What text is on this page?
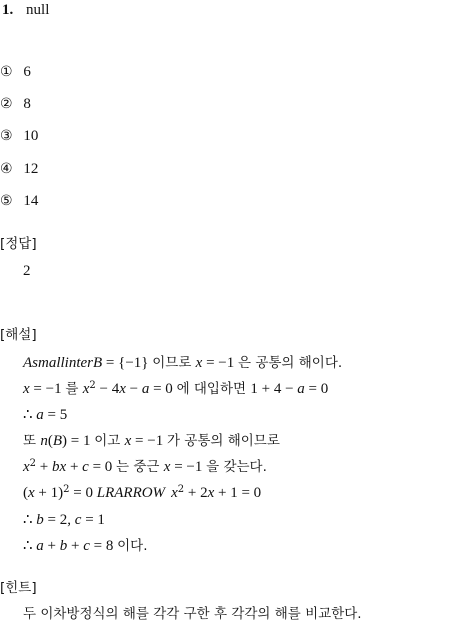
1. null
① 6
② 8
③ 10
④ 12
⑤ 14
[정답]
2
[해설]
AsmallinterB = {−1} 이므로 x = −1 은 공통의 해이다.
x = −1 를 $x^2 - 4x - a = 0$ 에 대입하면 1 + 4 − a = 0
∴ a = 5
또 n(B) = 1 이고 x = −1 가 공통의 해이므로
$x^2$ + bx + c = 0 는 중근 x = −1 을 갖는다.
$(x + 1)^2 = 0$ LRARROW $x^2 + 2x + 1 = 0$
∴ b = 2, c = 1
∴ a + b + c = 8 이다.
[힌트]
두 이차방정식의 해를 각각 구한 후 각각의 해를 비교한다.
